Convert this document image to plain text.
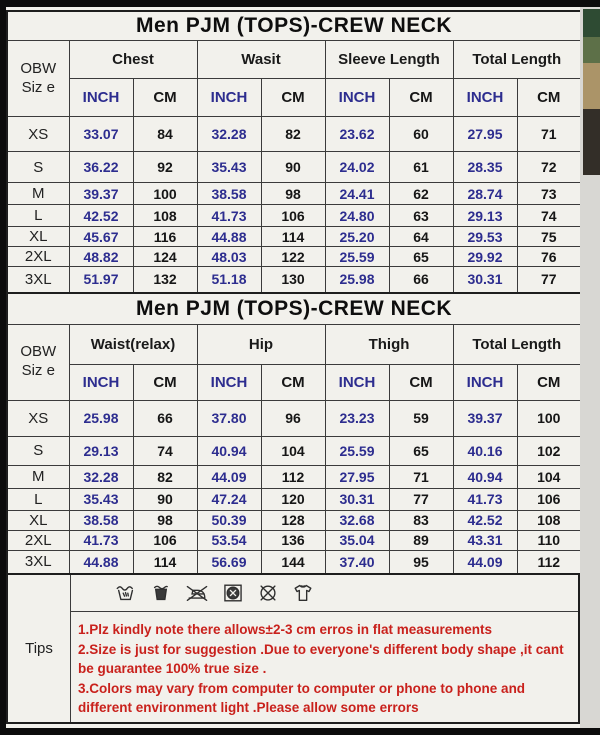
Men PJM (TOPS)-CREW NECK								

OBW
Siz e	Chest		Wasit		Sleeve Length		Total Length	
	INCH	CM	INCH	CM	INCH	CM	INCH	CM
XS	33.07	84	32.28	82	23.62	60	27.95	71
S	36.22	92	35.43	90	24.02	61	28.35	72
M	39.37	100	38.58	98	24.41	62	28.74	73
L	42.52	108	41.73	106	24.80	63	29.13	74
XL	45.67	116	44.88	114	25.20	64	29.53	75
2XL	48.82	124	48.03	122	25.59	65	29.92	76
3XL	51.97	132	51.18	130	25.98	66	30.31	77
Men PJM (TOPS)-CREW NECK								

OBW
Siz e	Waist(relax)		Hip		Thigh		Total Length	
	INCH	CM	INCH	CM	INCH	CM	INCH	CM
XS	25.98	66	37.80	96	23.23	59	39.37	100
S	29.13	74	40.94	104	25.59	65	40.16	102
M	32.28	82	44.09	112	27.95	71	40.94	104
L	35.43	90	47.24	120	30.31	77	41.73	106
XL	38.58	98	50.39	128	32.68	83	42.52	108
2XL	41.73	106	53.54	136	35.04	89	43.31	110
3XL	44.88	114	56.69	144	37.40	95	44.09	112
Tips
1.Plz kindly note there allows±2-3 cm erros in flat measurements
2.Size is just for suggestion .Due to everyone's different body shape ,it cant be guarantee 100% true size .
3.Colors may vary from computer to computer or phone to phone and different environment light .Please allow some errors
